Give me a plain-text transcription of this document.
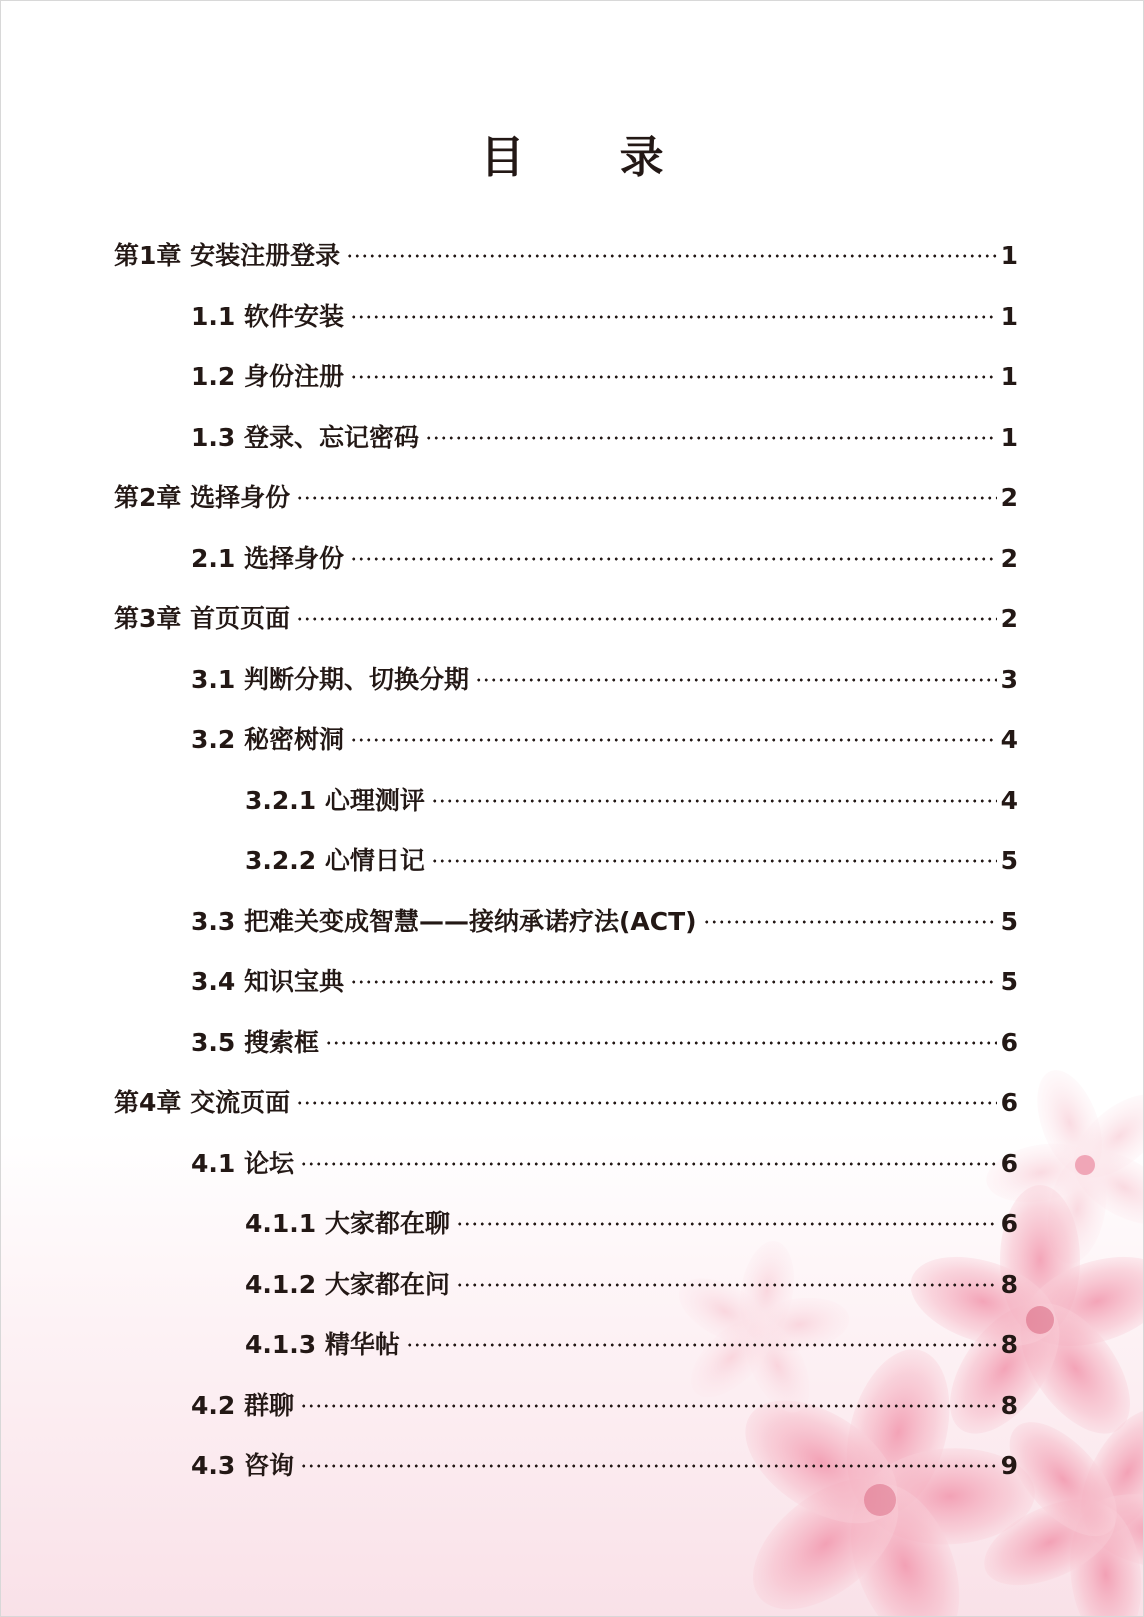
目 录
第1章 安装注册登录	1
1.1 软件安装	1
1.2 身份注册	1
1.3 登录、忘记密码	1
第2章 选择身份	2
2.1 选择身份	2
第3章 首页页面	2
3.1 判断分期、切换分期	3
3.2 秘密树洞	4
3.2.1 心理测评	4
3.2.2 心情日记	5
3.3 把难关变成智慧——接纳承诺疗法(ACT)	5
3.4 知识宝典	5
3.5 搜索框	6
第4章 交流页面	6
4.1 论坛	6
4.1.1 大家都在聊	6
4.1.2 大家都在问	8
4.1.3 精华帖	8
4.2 群聊	8
4.3 咨询	9
